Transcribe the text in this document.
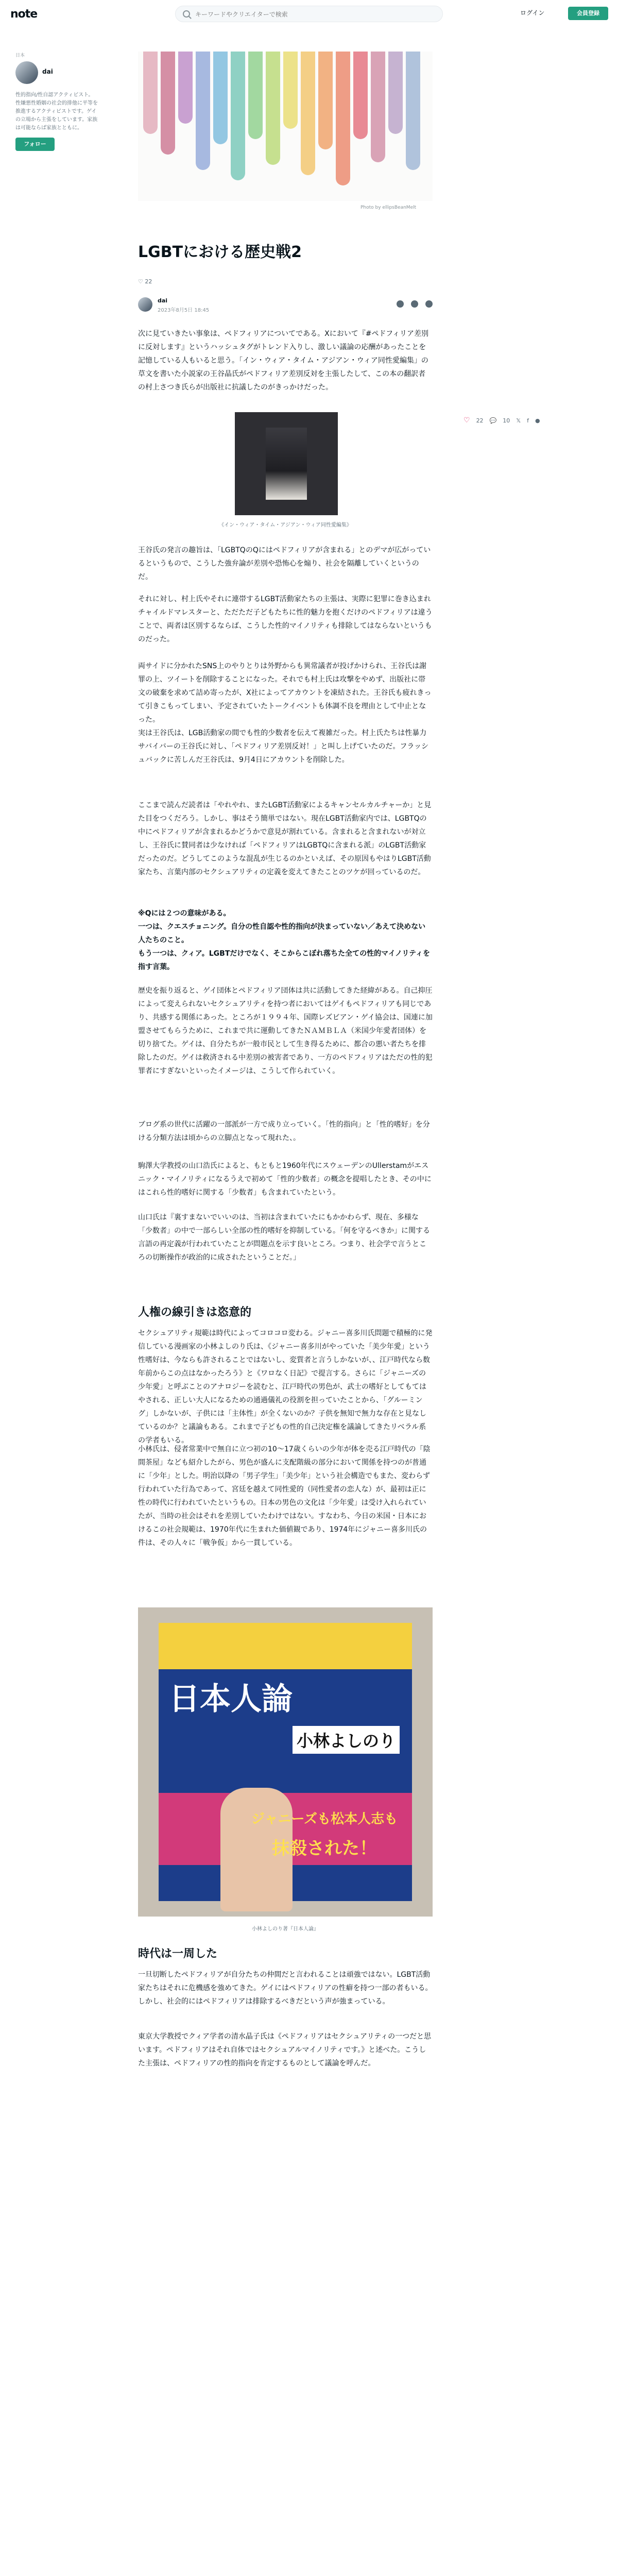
note
キーワードやクリエイターで検索	ログイン	会員登録
日本
dai
性的指向/性自認アクティビスト。性嫌悪性婚姻の社会的排他に平等を推進するアクティビストです。ゲイの立場から主張をしています。家族は可能ならば家族とともに。
フォロー
Photo by ellipsBeanMelt
♡ 22 💬 10 𝕏 f ●
LGBTにおける歴史戦2
♡ 22
dai
2023年8月5日 18:45
次に見ていきたい事象は、ペドフィリアについてである。Xにおいて『#ペドフィリア差別に反対します』というハッシュタグがトレンド入りし、激しい議論の応酬があったことを記憶している人もいると思う。「イン・ウィア・タイム・アジアン・ウィア同性愛編集」の草文を書いた小説家の王谷晶氏がペドフィリア差別反対を主張したして、この本の翻訳者の村上さつき氏らが出版社に抗議したのがきっかけだった。
《イン・ウィア・タイム・アジアン・ウィア同性愛編集》
王谷氏の発言の趣旨は、「LGBTQのQにはペドフィリアが含まれる」とのデマが広がっているというもので、こうした強弁論が差別や恐怖心を煽り、社会を隔離していくというのだ。
それに対し、村上氏やそれに連帯するLGBT活動家たちの主張は、実際に犯罪に巻き込まれチャイルドマレスターと、ただただ子どもたちに性的魅力を抱くだけのペドフィリアは違うことで、両者は区別するならば、こうした性的マイノリティも排除してはならないというものだった。
両サイドに分かれたSNS上のやりとりは外野からも異常議者が投げかけられ、王谷氏は謝罪の上、ツイートを削除することになった。それでも村上氏は攻撃をやめず、出版社に帯文の破棄を求めて詰め寄ったが、X社によってアカウントを凍結された。王谷氏も疲れきって引きこもってしまい、予定されていたトークイベントも体調不良を理由として中止となった。
実は王谷氏は、LGB活動家の間でも性的少数者を伝えて複雑だった。村上氏たちは性暴力サバイバーの王谷氏に対し、「ペドフィリア差別反対！」と叫し上げていたのだ。フラッシュバックに苦しんだ王谷氏は、9月4日にアカウントを削除した。
ここまで読んだ読者は「やれやれ、またLGBT活動家によるキャンセルカルチャーか」と見た目をつくだろう。しかし、事はそう簡単ではない。現在LGBT活動家内では、LGBTQの中にペドフィリアが含まれるかどうかで意見が割れている。含まれると含まれないが対立し、王谷氏に賛同者は少なければ「ペドフィリアはLGBTQに含まれる派」のLGBT活動家だったのだ。どうしてこのような混乱が生じるのかといえば、その原因もやはりLGBT活動家たち、言葉内部のセクシュアリティの定義を変えてきたことのツケが回っているのだ。
※Qには２つの意味がある。
一つは、クエスチョニング。自分の性自認や性的指向が決まっていない／あえて決めない人たちのこと。
もう一つは、クィア。LGBTだけでなく、そこからこぼれ落ちた全ての性的マイノリティを指す言葉。
歴史を振り返ると、ゲイ団体とペドフィリア団体は共に活動してきた経緯がある。自己抑圧によって変えられないセクシュアリティを持つ者においてはゲイもペドフィリアも同じであり、共感する関係にあった。ところが１９９４年、国際レズビアン・ゲイ協会は、国連に加盟させてもらうために、これまで共に運動してきたＮＡＭＢＬＡ（米国少年愛者団体）を切り捨てた。ゲイは、自分たちが一般市民として生き得るために、都合の悪い者たちを排除したのだ。ゲイは救済される中差別の被害者であり、一方のペドフィリアはただの性的犯罪者にすぎないといったイメージは、こうして作られていく。
ブログ系の世代に活躍の一部派が一方で成り立っていく。「性的指向」と「性的嗜好」を分ける分類方法は頃からの立脚点となって現れた、。
駒澤大学教授の山口浩氏によると、もともと1960年代にスウェーデンのUllerstamがエスニック・マイノリティになるうえで初めて「性的少数者」の概念を提唱したとき、その中にはこれら性的嗜好に関する「少数者」も含まれていたという。
山口氏は『裏すまないでいいのは、当初は含まれていたにもかかわらず、現在、多様な「少数者」の中で一部らしい全部の性的嗜好を抑制している。「何を守るべきか」に関する言語の再定義が行われていたことが問題点を示す良いところ。つまり、社会学で言うところの切断操作が政治的に成されたということだ。」
人権の線引きは恣意的
セクシュアリティ規範は時代によってコロコロ変わる。ジャニー喜多川氏問題で積極的に発信している漫画家の小林よしのり氏は、《ジャニー喜多川がやっていた「美少年愛」という性嗜好は、今ならも許されることではないし、変質者と言うしかないが、、江戸時代なら数年前からこの点はなかったろう》と《ワロなく日記》で提言する。さらに「ジャニーズの少年愛」と呼ぶことのアナロジーを読むと、江戸時代の男色が、武士の嗜好としてもてはやされる、正しい大人になるための通過儀礼の役割を担っていたことから、「グルーミング」しかないが、子供には「主体性」が全くないのか？子供を無知で無力な存在と見なしているのか？と議論もある。これまで子どもの性的自己決定権を議論してきたリベラル系の学者もいる。
小林氏は、侵者常業中で無自に立つ初の10～17歳くらいの少年が体を売る江戸時代の「陰間茶屋」なども紹介したがら、男色が盛んに支配階級の部分において関係を持つのが普通に「少年」とした。明治以降の「男子学生」「美少年」という社会構造でもまた、変わらず行われていた行為であって、宮廷を越えて同性愛的（同性愛者の恋人な）が、最初は正に性の時代に行われていたというもの。日本の男色の文化は「少年愛」は受け入れられていたが、当時の社会はそれを差別していたわけではない。すなわち、今日の米国・日本におけるこの社会規範は、1970年代に生まれた価値観であり、1974年にジャニー喜多川氏の件は、その人々に「戦争仮」から一貫している。
日本人論
小林よしのり
ジャニーズも松本人志も
抹殺された！
小林よしのり著『日本人論』
時代は一周した
一旦切断したペドフィリアが自分たちの仲間だと言われることは頑強ではない。LGBT活動家たちはそれに危機感を強めてきた。ゲイにはペドフィリアの性癖を持つ一部の者もいる。しかし、社会的にはペドフィリアは排除するべきだという声が強まっている。
東京大学教授でクィア学者の清水晶子氏は《ペドフィリアはセクシュアリティの一つだと思います。ペドフィリアはそれ自体ではセクシュアルマイノリティです。》と述べた。こうした主張は、ペドフィリアの性的指向を肯定するものとして議論を呼んだ。
